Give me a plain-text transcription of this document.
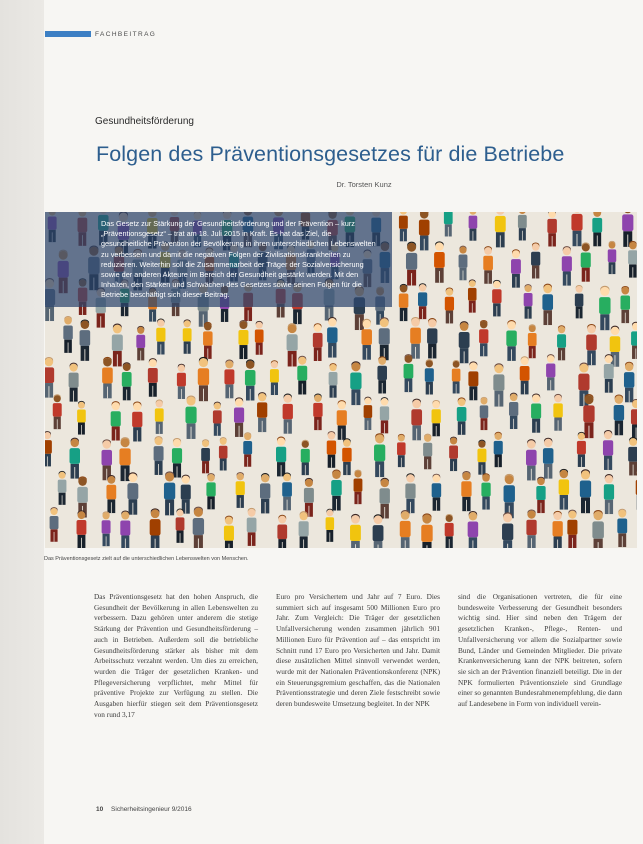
FACHBEITRAG
Gesundheitsförderung
Folgen des Präventionsgesetzes für die Betriebe
Dr. Torsten Kunz

Das Gesetz zur Stärkung der Gesundheitsförderung und der Prävention – kurz „Präventionsgesetz“ – trat am 18. Juli 2015 in Kraft. Es hat das Ziel, die gesundheitliche Prävention der Bevölkerung in ihren unterschiedlichen Lebenswelten zu verbessern und damit die negativen Folgen der Zivilisationskrankheiten zu reduzieren. Weiterhin soll die Zusammenarbeit der Träger der Sozialversicherung sowie der anderen Akteure im Bereich der Gesundheit gestärkt werden. Mit den Inhalten, den Stärken und Schwächen des Gesetzes sowie seinen Folgen für die Betriebe beschäftigt sich dieser Beitrag.

Das Präventionsgesetz zielt auf die unterschiedlichen Lebenswelten von Menschen.

Das Präventionsgesetz hat den hohen Anspruch, die Gesundheit der Bevölkerung in allen Lebenswelten zu verbessern. Dazu gehören unter anderem die stetige Stärkung der Prävention und Gesundheitsförderung – auch in Betrieben. Außerdem soll die betriebliche Gesundheitsförderung stärker als bisher mit dem Arbeitsschutz verzahnt werden. Um dies zu erreichen, wurden die Träger der gesetzlichen Kranken- und Pflegeversicherung verpflichtet, mehr Mittel für präventive Projekte zur Verfügung zu stellen. Die Ausgaben hierfür stiegen seit dem Präventionsgesetz von rund 3,17

Euro pro Versichertem und Jahr auf 7 Euro. Dies summiert sich auf insgesamt 500 Millionen Euro pro Jahr. Zum Vergleich: Die Träger der gesetzlichen Unfallversicherung wenden zusammen jährlich 901 Millionen Euro für Prävention auf – das entspricht im Schnitt rund 17 Euro pro Versicherten und Jahr. Damit diese zusätzlichen Mittel sinnvoll verwendet werden, wurde mit der Nationalen Präventionskonferenz (NPK) ein Steuerungsgremium geschaffen, das die Nationalen Präventionsstrategie und deren Ziele festschreibt sowie deren bundesweite Umsetzung begleitet. In der NPK

sind die Organisationen vertreten, die für eine bundesweite Verbesserung der Gesundheit besonders wichtig sind. Hier sind neben den Trägern der gesetzlichen Kranken-, Pflege-, Renten- und Unfallversicherung vor allem die Sozialpartner sowie Bund, Länder und Gemeinden Mitglieder. Die private Krankenversicherung kann der NPK beitreten, sofern sie sich an der Prävention finanziell beteiligt. Die in der NPK formulierten Präventionsziele sind Grundlage einer so genannten Bundesrahmenempfehlung, die dann auf Landesebene in Form von individuell verein-

10 Sicherheitsingenieur 9/2016
